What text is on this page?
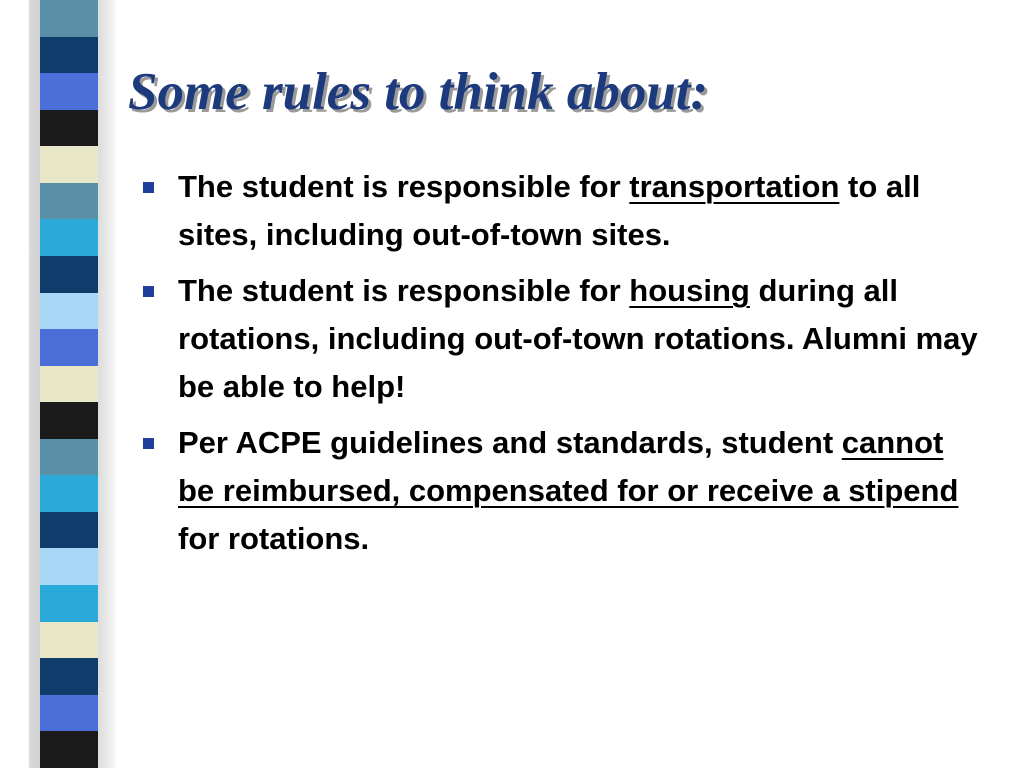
Some rules to think about:
The student is responsible for transportation to all sites, including out-of-town sites.
The student is responsible for housing during all rotations, including out-of-town rotations. Alumni may be able to help!
Per ACPE guidelines and standards, student cannot be reimbursed, compensated for or receive a stipend for rotations.
